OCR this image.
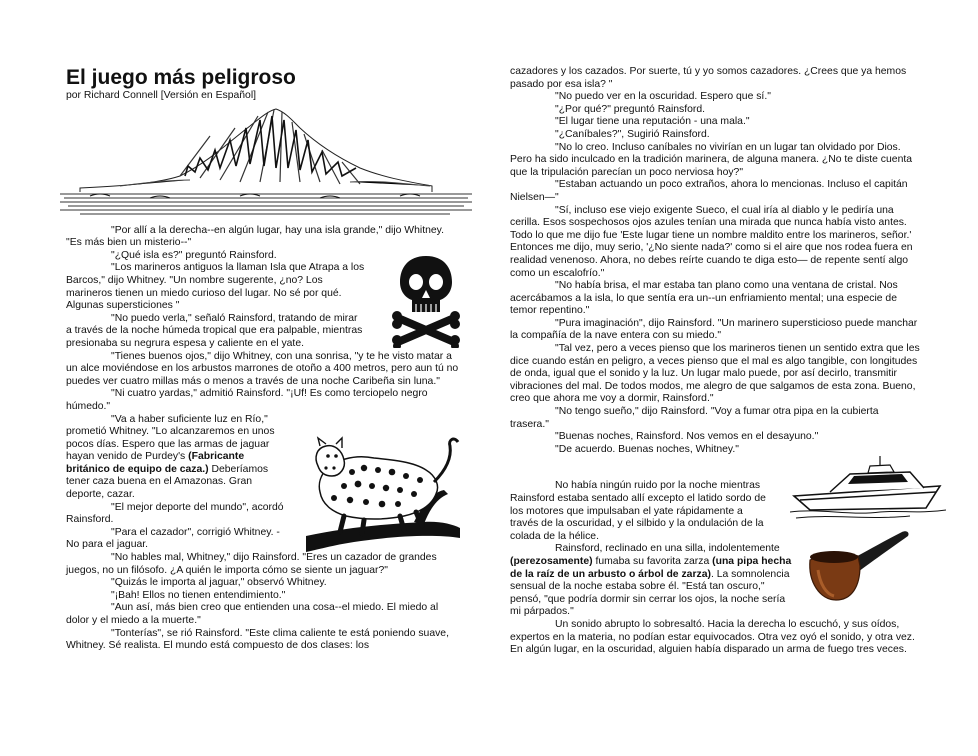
El juego más peligroso
por Richard Connell [Versión en Español]

"Por allí a la derecha--en algún lugar, hay una isla grande," dijo Whitney. "Es más bien un misterio--"

"¿Qué isla es?" preguntó Rainsford.

"Los marineros antiguos la llaman Isla que Atrapa a los Barcos," dijo Whitney. "Un nombre sugerente, ¿no? Los marineros tienen un miedo curioso del lugar. No sé por qué. Algunas supersticiones "

"No puedo verla," señaló Rainsford, tratando de mirar a través de la noche húmeda tropical que era palpable, mientras presionaba su negrura espesa y caliente en el yate.

"Tienes buenos ojos," dijo Whitney, con una sonrisa, "y te he visto matar a un alce moviéndose en los arbustos marrones de otoño a 400 metros, pero aun tú no puedes ver cuatro millas más o menos a través de una noche Caribeña sin luna."

"Ni cuatro yardas," admitió Rainsford. "¡Uf! Es como terciopelo negro húmedo."

"Va a haber suficiente luz en Río," prometió Whitney. "Lo alcanzaremos en unos pocos días. Espero que las armas de jaguar hayan venido de Purdey's (Fabricante británico de equipo de caza.) Deberíamos tener caza buena en el Amazonas. Gran deporte, cazar.

"El mejor deporte del mundo", acordó Rainsford.

"Para el cazador", corrigió Whitney. - No para el jaguar.

"No hables mal, Whitney," dijo Rainsford. "Eres un cazador de grandes juegos, no un filósofo. ¿A quién le importa cómo se siente un jaguar?"

"Quizás le importa al jaguar," observó Whitney.

"¡Bah! Ellos no tienen entendimiento."

"Aun así, más bien creo que entienden una cosa--el miedo. El miedo al dolor y el miedo a la muerte."

"Tonterías", se rió Rainsford. "Este clima caliente te está poniendo suave, Whitney. Sé realista. El mundo está compuesto de dos clases: los

cazadores y los cazados. Por suerte, tú y yo somos cazadores. ¿Crees que ya hemos pasado por esa isla? "

"No puedo ver en la oscuridad. Espero que sí."

"¿Por qué?" preguntó Rainsford.

"El lugar tiene una reputación - una mala."

"¿Caníbales?", Sugirió Rainsford.

"No lo creo. Incluso caníbales no vivirían en un lugar tan olvidado por Dios. Pero ha sido inculcado en la tradición marinera, de alguna manera. ¿No te diste cuenta que la tripulación parecían un poco nerviosa hoy?"

"Estaban actuando un poco extraños, ahora lo mencionas. Incluso el capitán Nielsen—"

"Sí, incluso ese viejo exigente Sueco, el cual iría al diablo y le pediría una cerilla. Esos sospechosos ojos azules tenían una mirada que nunca había visto antes. Todo lo que me dijo fue 'Este lugar tiene un nombre maldito entre los marineros, señor.' Entonces me dijo, muy serio, '¿No siente nada?' como si el aire que nos rodea fuera en realidad venenoso. Ahora, no debes reírte cuando te diga esto— de repente sentí algo como un escalofrío."

"No había brisa, el mar estaba tan plano como una ventana de cristal. Nos acercábamos a la isla, lo que sentía era un--un enfriamiento mental; una especie de temor repentino."

"Pura imaginación", dijo Rainsford. "Un marinero supersticioso puede manchar la compañía de la nave entera con su miedo."

"Tal vez, pero a veces pienso que los marineros tienen un sentido extra que les dice cuando están en peligro, a veces pienso que el mal es algo tangible, con longitudes de onda, igual que el sonido y la luz. Un lugar malo puede, por así decirlo, transmitir vibraciones del mal. De todos modos, me alegro de que salgamos de esta zona. Bueno, creo que ahora me voy a dormir, Rainsford."

"No tengo sueño," dijo Rainsford. "Voy a fumar otra pipa en la cubierta trasera."

"Buenas noches, Rainsford. Nos vemos en el desayuno."

"De acuerdo. Buenas noches, Whitney."

No había ningún ruido por la noche mientras Rainsford estaba sentado allí excepto el latido sordo de los motores que impulsaban el yate rápidamente a través de la oscuridad, y el silbido y la ondulación de la colada de la hélice.

Rainsford, reclinado en una silla, indolentemente (perezosamente) fumaba su favorita zarza (una pipa hecha de la raíz de un arbusto o árbol de zarza). La somnolencia sensual de la noche estaba sobre él. "Está tan oscuro," pensó, "que podría dormir sin cerrar los ojos, la noche sería mi párpados."

Un sonido abrupto lo sobresaltó. Hacia la derecha lo escuchó, y sus oídos, expertos en la materia, no podían estar equivocados. Otra vez oyó el sonido, y otra vez. En algún lugar, en la oscuridad, alguien había disparado un arma de fuego tres veces.
